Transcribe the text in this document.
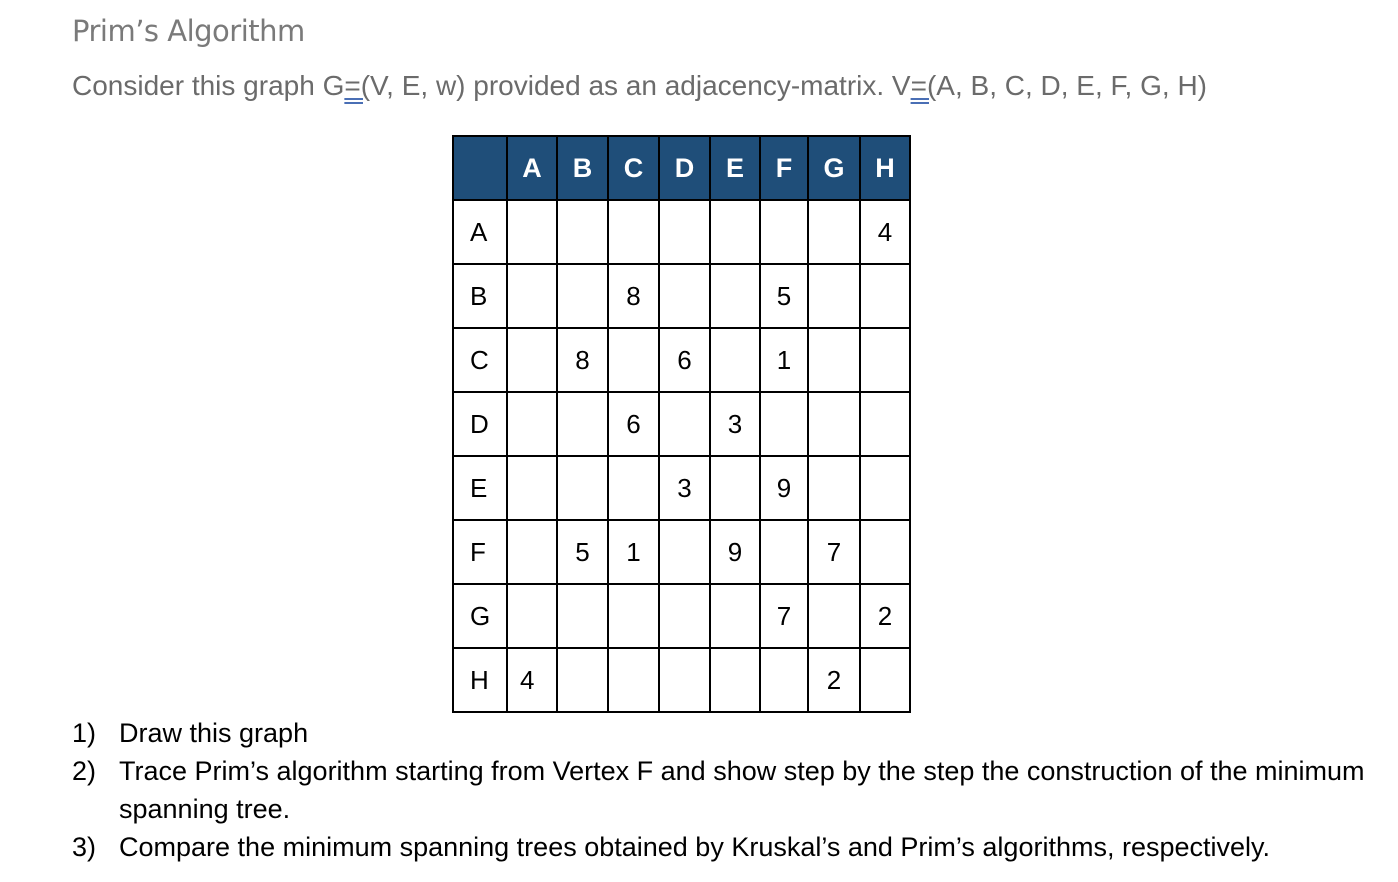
Prim’s Algorithm
Consider this graph G=(V, E, w) provided as an adjacency-matrix. V=(A, B, C, D, E, F, G, H)
	A	B	C	D	E	F	G	H
A								4
B			8			5		
C		8		6		1		
D			6		3			
E				3		9		
F		5	1		9		7	
G						7		2
H	4						2	
1) Draw this graph
2) Trace Prim’s algorithm starting from Vertex F and show step by the step the construction of the minimum spanning tree.
3) Compare the minimum spanning trees obtained by Kruskal’s and Prim’s algorithms, respectively.
